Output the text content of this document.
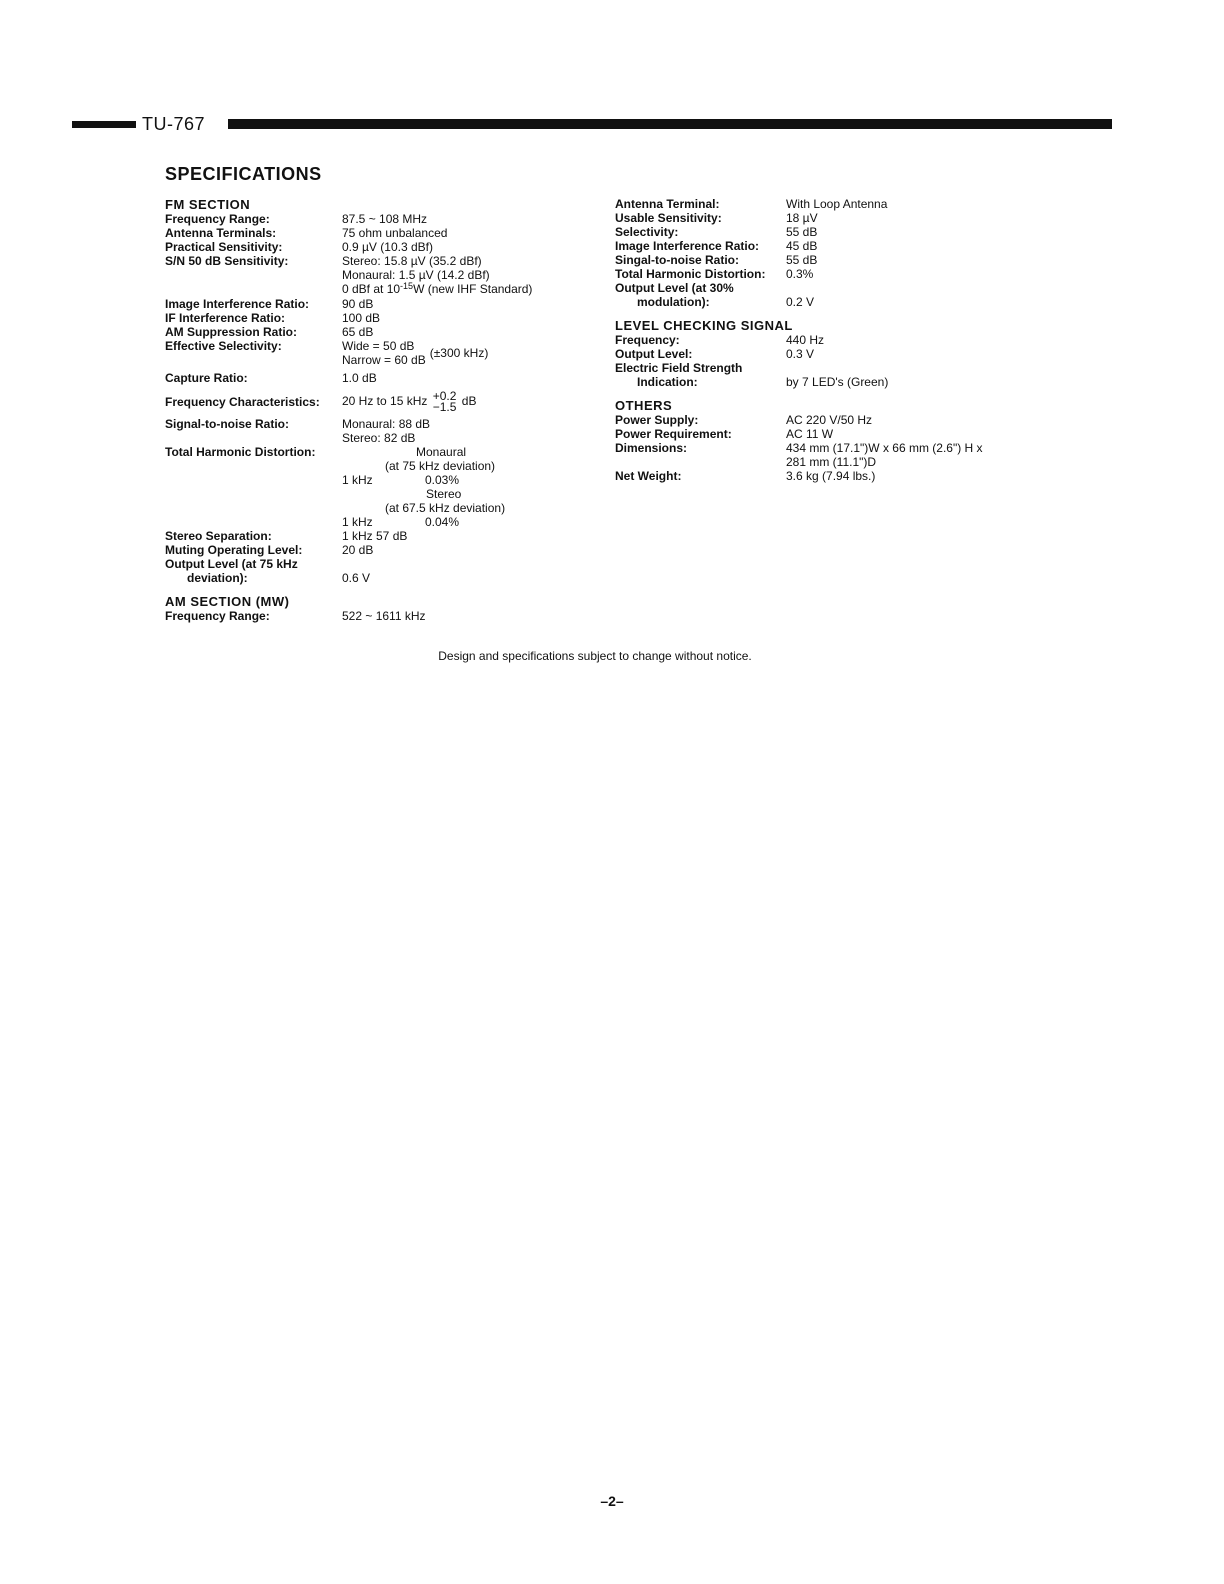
TU-767
SPECIFICATIONS
FM SECTION
Frequency Range:	87.5 ~ 108 MHz
Antenna Terminals:	75 ohm unbalanced
Practical Sensitivity:	0.9 µV (10.3 dBf)
S/N 50 dB Sensitivity:	Stereo: 15.8 µV (35.2 dBf)
Monaural: 1.5 µV (14.2 dBf)
0 dBf at $10^{-15}W$ (new IHF Standard)
Image Interference Ratio:	90 dB
IF Interference Ratio:	100 dB
AM Suppression Ratio:	65 dB
Effective Selectivity:	Wide = 50 dB
Narrow = 60 dB (±300 kHz)
Capture Ratio:	1.0 dB
Frequency Characteristics:	20 Hz to 15 kHz +0.2
−1.5 dB
Signal-to-noise Ratio:	Monaural: 88 dB
Stereo: 82 dB
Total Harmonic Distortion:	Monaural
(at 75 kHz deviation)
1 kHz	0.03%
Stereo
(at 67.5 kHz deviation)
1 kHz	0.04%
Stereo Separation:	1 kHz 57 dB
Muting Operating Level:	20 dB
Output Level (at 75 kHz
deviation):	0.6 V
AM SECTION (MW)
Frequency Range:	522 ~ 1611 kHz
Antenna Terminal:	With Loop Antenna
Usable Sensitivity:	18 µV
Selectivity:	55 dB
Image Interference Ratio:	45 dB
Singal-to-noise Ratio:	55 dB
Total Harmonic Distortion:	0.3%
Output Level (at 30%
modulation):	0.2 V
LEVEL CHECKING SIGNAL
Frequency:	440 Hz
Output Level:	0.3 V
Electric Field Strength
Indication:	by 7 LED's (Green)
OTHERS
Power Supply:	AC 220 V/50 Hz
Power Requirement:	AC 11 W
Dimensions:	434 mm (17.1")W x 66 mm (2.6") H x
281 mm (11.1")D
Net Weight:	3.6 kg (7.94 lbs.)
Design and specifications subject to change without notice.
–2–
